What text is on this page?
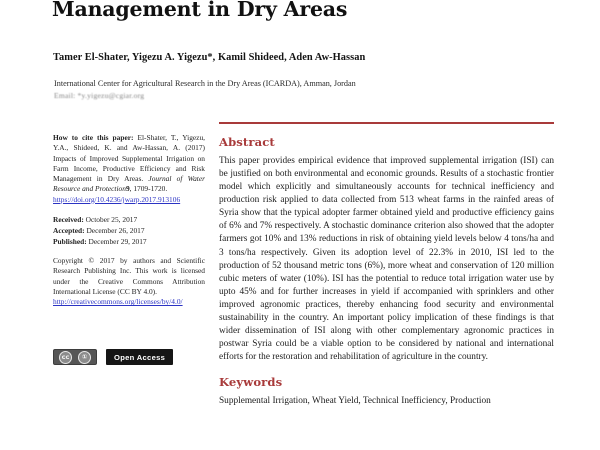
Management in Dry Areas
Tamer El-Shater, Yigezu A. Yigezu*, Kamil Shideed, Aden Aw-Hassan
International Center for Agricultural Research in the Dry Areas (ICARDA), Amman, Jordan
Email: *y.yigezu@cgiar.org
How to cite this paper: El-Shater, T., Yigezu, Y.A., Shideed, K. and Aw-Hassan, A. (2017) Impacts of Improved Supplemental Irrigation on Farm Income, Productive Efficiency and Risk Management in Dry Areas. Journal of Water Resource and Protection9, 1709-1720.
https://doi.org/10.4236/jwarp.2017.913106
Received: October 25, 2017
Accepted: December 26, 2017
Published: December 29, 2017
Copyright © 2017 by authors and Scientific Research Publishing Inc. This work is licensed under the Creative Commons Attribution International License (CC BY 4.0).
http://creativecommons.org/licenses/by/4.0/
cc	①	Open Access
Abstract

This paper provides empirical evidence that improved supplemental irrigation (ISI) can be justified on both environmental and economic grounds. Results of a stochastic frontier model which explicitly and simultaneously accounts for technical inefficiency and production risk applied to data collected from 513 wheat farms in the rainfed areas of Syria show that the typical adopter farmer obtained yield and productive efficiency gains of 6% and 7% respectively. A stochastic dominance criterion also showed that the adopter farmers got 10% and 13% reductions in risk of obtaining yield levels below 4 tons/ha and 3 tons/ha respectively. Given its adoption level of 22.3% in 2010, ISI led to the production of 52 thousand metric tons (6%), more wheat and conservation of 120 million cubic meters of water (10%). ISI has the potential to reduce total irrigation water use by upto 45% and for further increases in yield if accompanied with sprinklers and other improved agronomic practices, thereby enhancing food security and environmental sustainability in the country. An important policy implication of these findings is that wider dissemination of ISI along with other complementary agronomic practices in postwar Syria could be a viable option to be considered by national and international efforts for the restoration and rehabilitation of agriculture in the country.

Keywords

Supplemental Irrigation, Wheat Yield, Technical Inefficiency, Production
